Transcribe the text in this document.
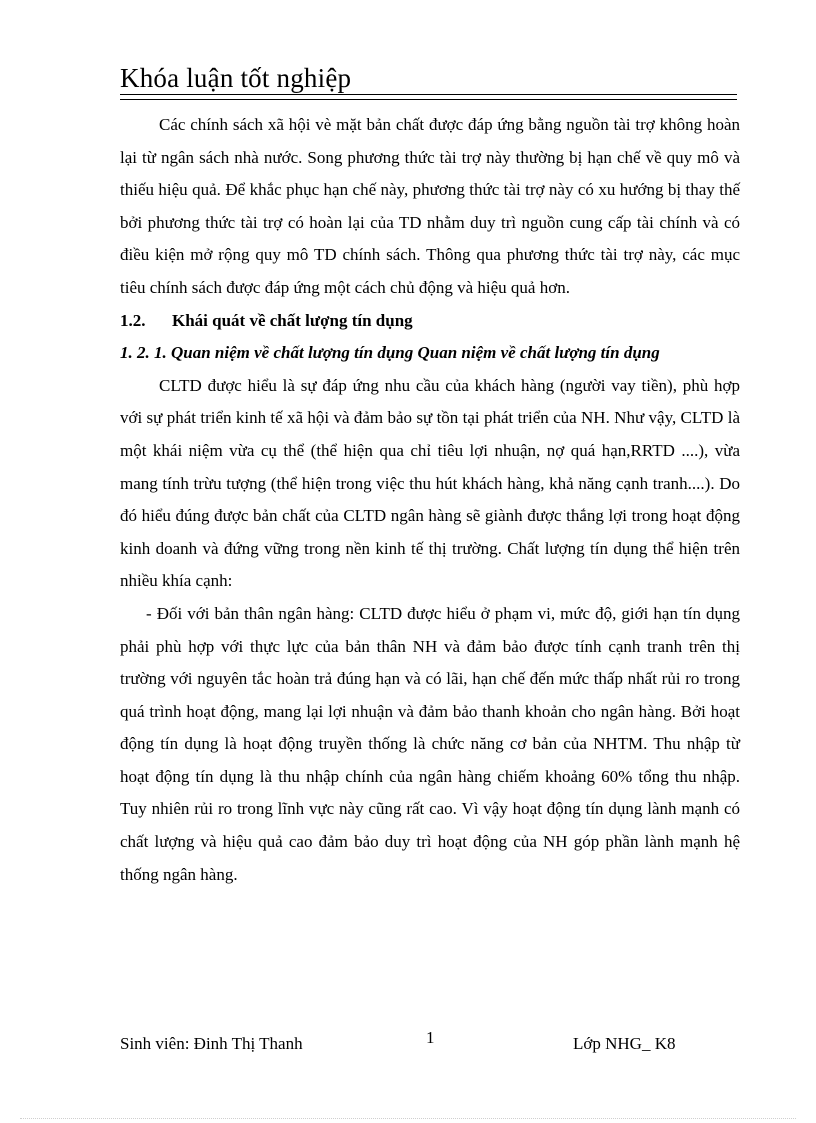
Khóa luận tốt nghiệp

Các chính sách xã hội vè mặt bản chất được đáp ứng bằng nguồn tài trợ không hoàn lại từ ngân sách nhà nước. Song phương thức tài trợ này thường bị hạn chế về quy mô và thiếu hiệu quả. Để khắc phục hạn chế này, phương thức tài trợ này có xu hướng bị thay thế bởi phương thức tài trợ có hoàn lại của TD nhằm duy trì nguồn cung cấp tài chính và có điều kiện mở rộng quy mô TD chính sách. Thông qua phương thức tài trợ này, các mục tiêu chính sách được đáp ứng một cách chủ động và hiệu quả hơn.

1.2. Khái quát về chất lượng tín dụng

1. 2. 1. Quan niệm về chất lượng tín dụng Quan niệm về chất lượng tín dụng

CLTD được hiểu là sự đáp ứng nhu cầu của khách hàng (người vay tiền), phù hợp với sự phát triển kinh tế xã hội và đảm bảo sự tồn tại phát triển của NH. Như vậy, CLTD là một khái niệm vừa cụ thể (thể hiện qua chỉ tiêu lợi nhuận, nợ quá hạn,RRTD ....), vừa mang tính trừu tượng (thể hiện trong việc thu hút khách hàng, khả năng cạnh tranh....). Do đó hiểu đúng được bản chất của CLTD ngân hàng sẽ giành được thắng lợi trong hoạt động kinh doanh và đứng vững trong nền kinh tế thị trường. Chất lượng tín dụng thể hiện trên nhiều khía cạnh:

- Đối với bản thân ngân hàng: CLTD được hiểu ở phạm vi, mức độ, giới hạn tín dụng phải phù hợp với thực lực của bản thân NH và đảm bảo được tính cạnh tranh trên thị trường với nguyên tắc hoàn trả đúng hạn và có lãi, hạn chế đến mức thấp nhất rủi ro trong quá trình hoạt động, mang lại lợi nhuận và đảm bảo thanh khoản cho ngân hàng. Bởi hoạt động tín dụng là hoạt động truyền thống là chức năng cơ bản của NHTM. Thu nhập từ hoạt động tín dụng là thu nhập chính của ngân hàng chiếm khoảng 60% tổng thu nhập. Tuy nhiên rủi ro trong lĩnh vực này cũng rất cao. Vì vậy hoạt động tín dụng lành mạnh có chất lượng và hiệu quả cao đảm bảo duy trì hoạt động của NH góp phần lành mạnh hệ thống ngân hàng.

Sinh viên: Đinh Thị Thanh	1	Lớp NHG_ K8
